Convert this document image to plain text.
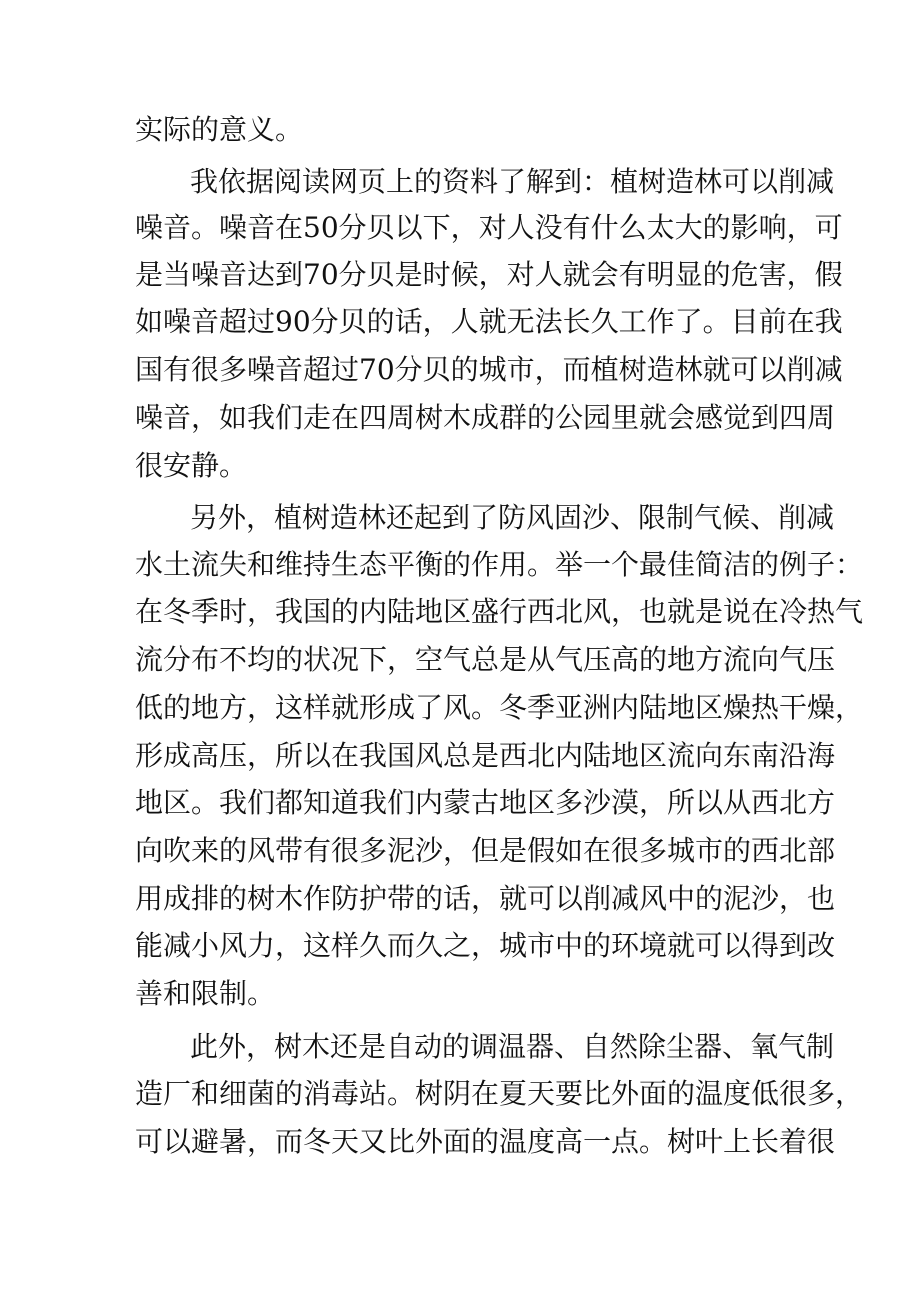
实际的意义。
我依据阅读网页上的资料了解到：植树造林可以削减
噪音。噪音在50分贝以下，对人没有什么太大的影响，可
是当噪音达到70分贝是时候，对人就会有明显的危害，假
如噪音超过90分贝的话，人就无法长久工作了。目前在我
国有很多噪音超过70分贝的城市，而植树造林就可以削减
噪音，如我们走在四周树木成群的公园里就会感觉到四周
很安静。
另外，植树造林还起到了防风固沙、限制气候、削减
水土流失和维持生态平衡的作用。举一个最佳简洁的例子：
在冬季时，我国的内陆地区盛行西北风，也就是说在冷热气
流分布不均的状况下，空气总是从气压高的地方流向气压
低的地方，这样就形成了风。冬季亚洲内陆地区燥热干燥，
形成高压，所以在我国风总是西北内陆地区流向东南沿海
地区。我们都知道我们内蒙古地区多沙漠，所以从西北方
向吹来的风带有很多泥沙，但是假如在很多城市的西北部
用成排的树木作防护带的话，就可以削减风中的泥沙，也
能减小风力，这样久而久之，城市中的环境就可以得到改
善和限制。
此外，树木还是自动的调温器、自然除尘器、氧气制
造厂和细菌的消毒站。树阴在夏天要比外面的温度低很多，
可以避暑，而冬天又比外面的温度高一点。树叶上长着很
